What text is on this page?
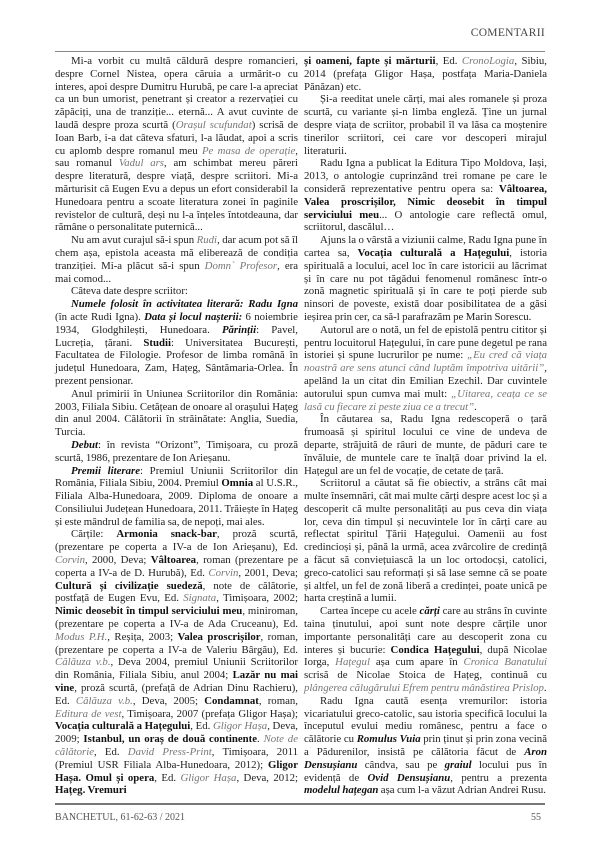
COMENTARII

Mi-a vorbit cu multă căldură despre romancieri, despre Cornel Nistea, opera căruia a urmărit-o cu interes, apoi despre Dumitru Hurubă, pe care l-a apreciat ca un bun umorist, penetrant și creator a rezervației cu zăpăciți, una de tranziție... eternă... A avut cuvinte de laudă despre proza scurtă (Orașul scufundat) scrisă de Ioan Barb, i-a dat câteva sfaturi, l-a lăudat, apoi a scris cu aplomb despre romanul meu Pe masa de operație, sau romanul Vadul ars, am schimbat mereu păreri despre literatură, despre viață, despre scriitori. Mi-a mărturisit că Eugen Evu a depus un efort considerabil la Hunedoara pentru a scoate literatura zonei în paginile revistelor de cultură, deși nu l-a înțeles întotdeauna, dar rămâne o personalitate puternică...

Nu am avut curajul să-i spun Rudi, dar acum pot să îl chem așa, epistola aceasta mă eliberează de condiția tranziției. Mi-a plăcut să-i spun Domn` Profesor, era mai comod...

Câteva date despre scriitor:

Numele folosit în activitatea literară: Radu Igna (în acte Rudi Igna). Data și locul nașterii: 6 noiembrie 1934, Glodghilești, Hunedoara. Părinții: Pavel, Lucreția, țărani. Studii: Universitatea București, Facultatea de Filologie. Profesor de limba română în județul Hunedoara, Zam, Hațeg, Sântămaria-Orlea. În prezent pensionar.

Anul primirii în Uniunea Scriitorilor din România: 2003, Filiala Sibiu. Cetățean de onoare al orașului Hațeg din anul 2004. Călătorii în străinătate: Anglia, Suedia, Turcia.

Debut: în revista “Orizont”, Timișoara, cu proză scurtă, 1986, prezentare de Ion Arieșanu.

Premii literare: Premiul Uniunii Scriitorilor din România, Filiala Sibiu, 2004. Premiul Omnia al U.S.R., Filiala Alba-Hunedoara, 2009. Diploma de onoare a Consiliului Județean Hunedoara, 2011. Trăiește în Hațeg și este mândrul de familia sa, de nepoți, mai ales.

Cărțile: Armonia snack-bar, proză scurtă, (prezentare pe coperta a IV-a de Ion Arieșanu), Ed. Corvin, 2000, Deva; Vâltoarea, roman (prezentare pe coperta a IV-a de D. Hurubă), Ed. Corvin, 2001, Deva; Cultură și civilizație suedeză, note de călătorie, postfață de Eugen Evu, Ed. Signata, Timișoara, 2002; Nimic deosebit în timpul serviciului meu, miniroman, (prezentare pe coperta a IV-a de Ada Cruceanu), Ed. Modus P.H., Reșița, 2003; Valea proscrișilor, roman, (prezentare pe coperta a IV-a de Valeriu Bârgău), Ed. Călăuza v.b., Deva 2004, premiul Uniunii Scriitorilor din România, Filiala Sibiu, anul 2004; Lazăr nu mai vine, proză scurtă, (prefață de Adrian Dinu Rachieru), Ed. Călăuza v.b., Deva, 2005; Condamnat, roman, Editura de vest, Timișoara, 2007 (prefața Gligor Hașa); Vocația culturală a Hațegului, Ed. Gligor Hașa, Deva, 2009; Istanbul, un oraș de două continente. Note de călătorie, Ed. David Press-Print, Timișoara, 2011 (Premiul USR Filiala Alba-Hunedoara, 2012); Gligor Hașa. Omul și opera, Ed. Gligor Hașa, Deva, 2012; Hațeg. Vremuri

și oameni, fapte și mărturii, Ed. CronoLogia, Sibiu, 2014 (prefața Gligor Hașa, postfața Maria-Daniela Pănăzan) etc.

Și-a reeditat unele cărți, mai ales romanele și proza scurtă, cu variante și-n limba engleză. Ține un jurnal despre viața de scriitor, probabil îl va lăsa ca moștenire tinerilor scriitori, cei care vor descoperi mirajul literaturii.

Radu Igna a publicat la Editura Tipo Moldova, Iași, 2013, o antologie cuprinzând trei romane pe care le consideră reprezentative pentru opera sa: Vâltoarea, Valea proscrișilor, Nimic deosebit în timpul serviciului meu... O antologie care reflectă omul, scriitorul, dascălul…

Ajuns la o vârstă a viziunii calme, Radu Igna pune în cartea sa, Vocația culturală a Hațegului, istoria spirituală a locului, acel loc în care istoricii au lăcrimat și în care nu pot tăgădui fenomenul românesc într-o zonă magnetic spirituală și în care te poți pierde sub ninsori de poveste, există doar posibilitatea de a găsi ieșirea prin cer, ca să-l parafrazăm pe Marin Sorescu.

Autorul are o notă, un fel de epistolă pentru cititor și pentru locuitorul Hațegului, în care pune degetul pe rana istoriei și spune lucrurilor pe nume: „Eu cred că viața noastră are sens atunci când luptăm împotriva uitării”, apelând la un citat din Emilian Ezechil. Dar cuvintele autorului spun cumva mai mult: „Uitarea, ceața ce se lasă cu fiecare zi peste ziua ce a trecut”.

În căutarea sa, Radu Igna redescoperă o țară frumoasă și spiritul locului ce vine de undeva de departe, străjuită de râuri de munte, de păduri care te învăluie, de muntele care te înalță doar privind la el. Hațegul are un fel de vocație, de cetate de țară.

Scriitorul a căutat să fie obiectiv, a strâns cât mai multe însemnări, cât mai multe cărți despre acest loc și a descoperit că multe personalități au pus ceva din viața lor, ceva din timpul și necuvintele lor în cărți care au reflectat spiritul Țării Hațegului. Oamenii au fost credincioși și, până la urmă, acea zvârcolire de credință a făcut să conviețuiască la un loc ortodocși, catolici, greco-catolici sau reformați și să lase semne că se poate și altfel, un fel de zonă liberă a credinței, poate unică pe harta creștină a lumii.

Cartea începe cu acele cărți care au strâns în cuvinte taina ținutului, apoi sunt note despre cărțile unor importante personalități care au descoperit zona cu interes și bucurie: Condica Hațegului, după Nicolae Iorga, Hațegul așa cum apare în Cronica Banatului scrisă de Nicolae Stoica de Hațeg, continuă cu plângerea călugărului Efrem pentru mânăstirea Prislop.

Radu Igna cautǎ esența vremurilor: istoria vicariatului greco-catolic, sau istoria specifică locului la începutul evului mediu românesc, pentru a face o călătorie cu Romulus Vuia prin ținut și prin zona vecină a Pădurenilor, insistă pe călătoria făcut de Aron Densușianu cândva, sau pe graiul locului pus în evidență de Ovid Densușianu, pentru a prezenta modelul hațegan așa cum l-a văzut Adrian Andrei Rusu.

BANCHETUL, 61-62-63 / 2021	55
